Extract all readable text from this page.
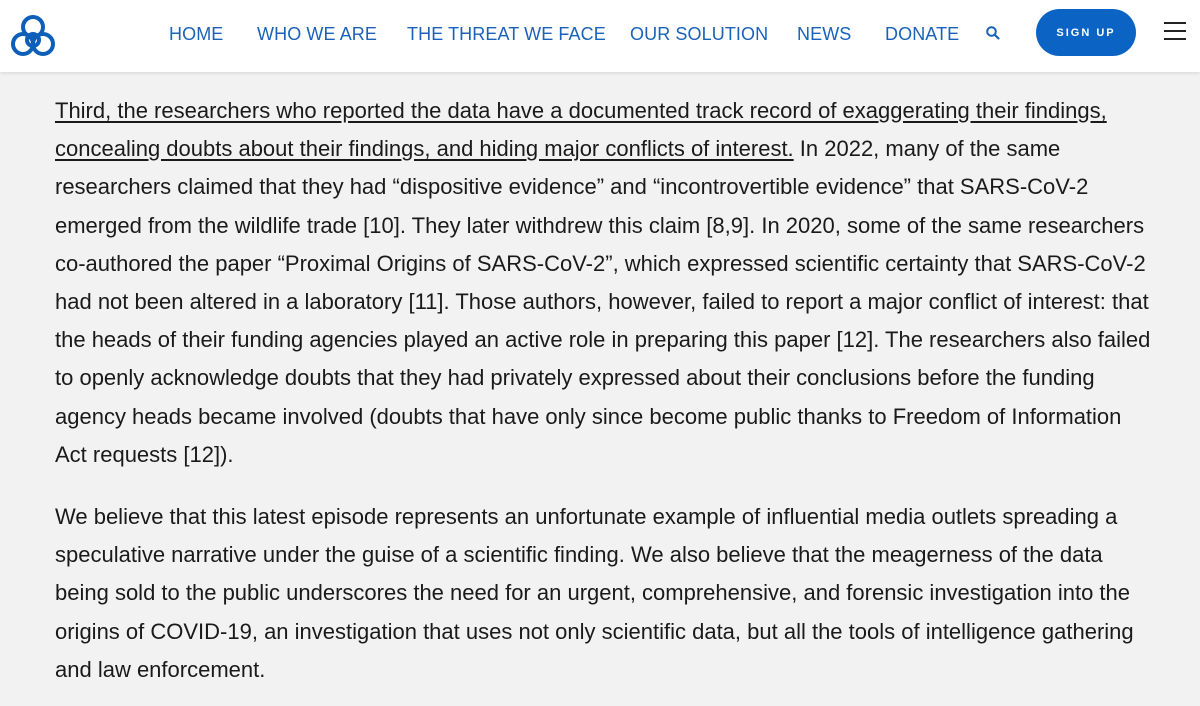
HOME WHO WE ARE THE THREAT WE FACE OUR SOLUTION NEWS DONATE	SIGN UP

Third, the researchers who reported the data have a documented track record of exaggerating their findings, concealing doubts about their findings, and hiding major conflicts of interest. In 2022, many of the same researchers claimed that they had “dispositive evidence” and “incontrovertible evidence” that SARS-CoV-2 emerged from the wildlife trade [10]. They later withdrew this claim [8,9]. In 2020, some of the same researchers co-authored the paper “Proximal Origins of SARS-CoV-2”, which expressed scientific certainty that SARS-CoV-2 had not been altered in a laboratory [11]. Those authors, however, failed to report a major conflict of interest: that the heads of their funding agencies played an active role in preparing this paper [12]. The researchers also failed to openly acknowledge doubts that they had privately expressed about their conclusions before the funding agency heads became involved (doubts that have only since become public thanks to Freedom of Information Act requests [12]).

We believe that this latest episode represents an unfortunate example of influential media outlets spreading a speculative narrative under the guise of a scientific finding. We also believe that the meagerness of the data being sold to the public underscores the need for an urgent, comprehensive, and forensic investigation into the origins of COVID-19, an investigation that uses not only scientific data, but all the tools of intelligence gathering and law enforcement.
